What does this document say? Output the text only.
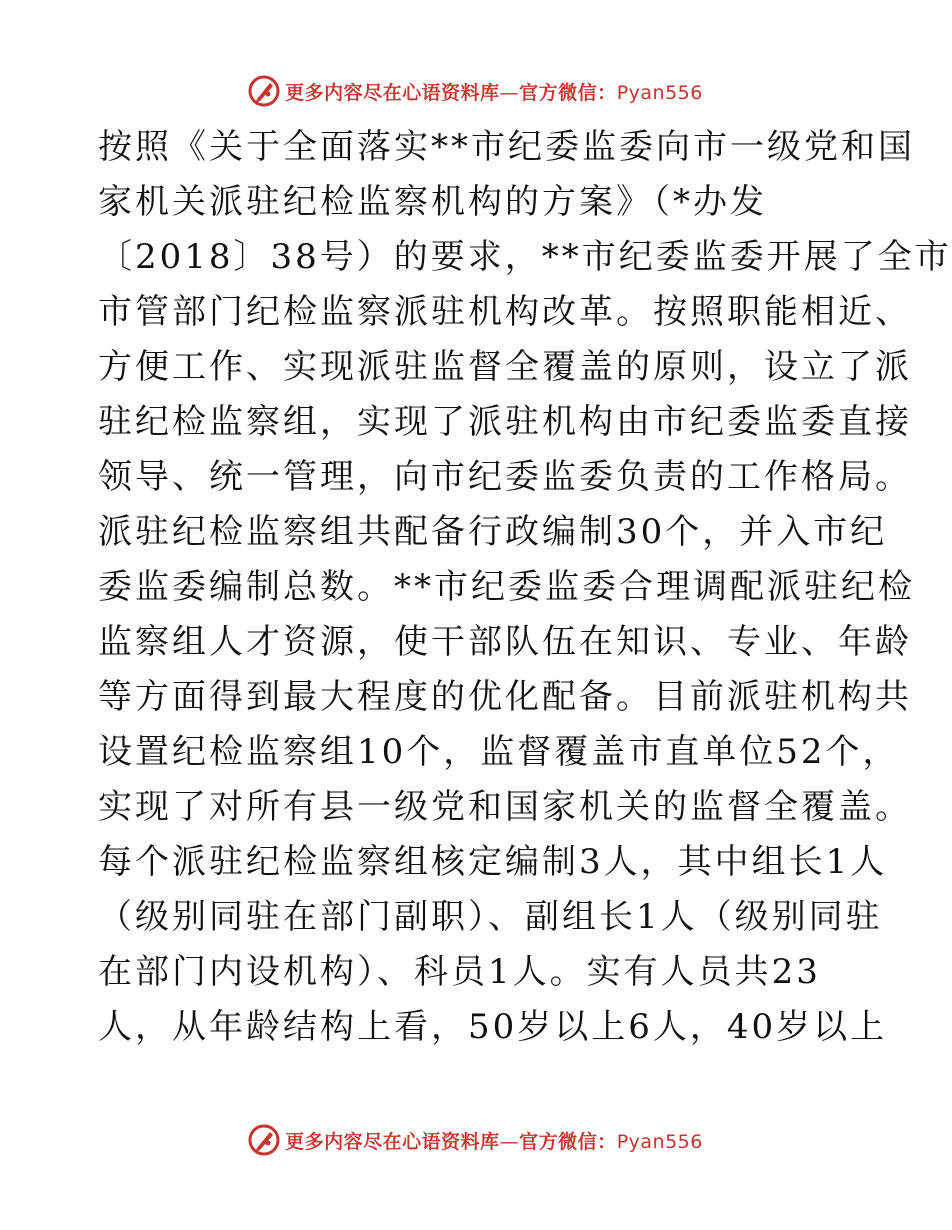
更多内容尽在心语资料库—官方微信：Pyan556
按照《关于全面落实**市纪委监委向市一级党和国
家机关派驻纪检监察机构的方案》（*办发
〔2018〕38号）的要求，**市纪委监委开展了全市
市管部门纪检监察派驻机构改革。按照职能相近、
方便工作、实现派驻监督全覆盖的原则，设立了派
驻纪检监察组，实现了派驻机构由市纪委监委直接
领导、统一管理，向市纪委监委负责的工作格局。
派驻纪检监察组共配备行政编制30个，并入市纪
委监委编制总数。**市纪委监委合理调配派驻纪检
监察组人才资源，使干部队伍在知识、专业、年龄
等方面得到最大程度的优化配备。目前派驻机构共
设置纪检监察组10个，监督覆盖市直单位52个，
实现了对所有县一级党和国家机关的监督全覆盖。
每个派驻纪检监察组核定编制3人，其中组长1人
（级别同驻在部门副职）、副组长1人（级别同驻
在部门内设机构）、科员1人。实有人员共23
人，从年龄结构上看，50岁以上6人，40岁以上
更多内容尽在心语资料库—官方微信：Pyan556
